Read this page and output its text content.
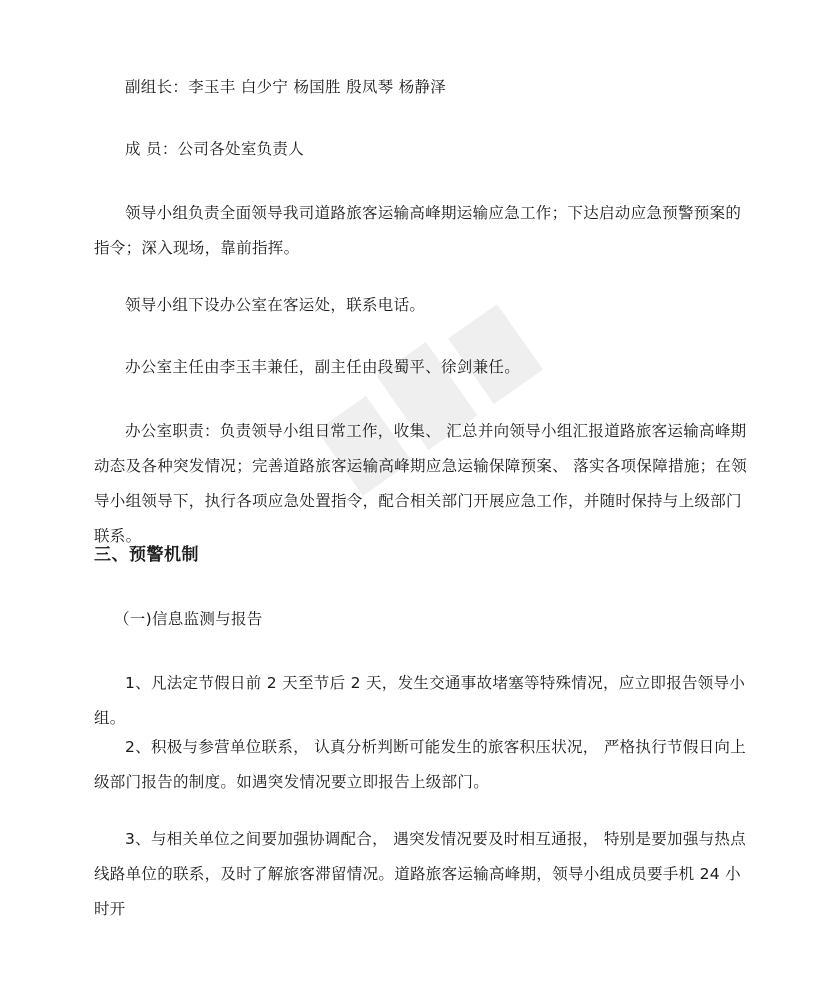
副组长：李玉丰 白少宁 杨国胜 殷凤琴 杨静泽

成 员：公司各处室负责人

领导小组负责全面领导我司道路旅客运输高峰期运输应急工作；下达启动应急预警预案的指令；深入现场，靠前指挥。

领导小组下设办公室在客运处，联系电话。

办公室主任由李玉丰兼任，副主任由段蜀平、徐剑兼任。

办公室职责：负责领导小组日常工作，收集、 汇总并向领导小组汇报道路旅客运输高峰期动态及各种突发情况；完善道路旅客运输高峰期应急运输保障预案、 落实各项保障措施；在领导小组领导下，执行各项应急处置指令，配合相关部门开展应急工作，并随时保持与上级部门联系。

三、预警机制

（一)信息监测与报告

1、凡法定节假日前 2 天至节后 2 天，发生交通事故堵塞等特殊情况，应立即报告领导小组。

2、积极与参营单位联系， 认真分析判断可能发生的旅客积压状况， 严格执行节假日向上级部门报告的制度。如遇突发情况要立即报告上级部门。

3、与相关单位之间要加强协调配合， 遇突发情况要及时相互通报， 特别是要加强与热点线路单位的联系，及时了解旅客滞留情况。道路旅客运输高峰期，领导小组成员要手机 24 小时开
